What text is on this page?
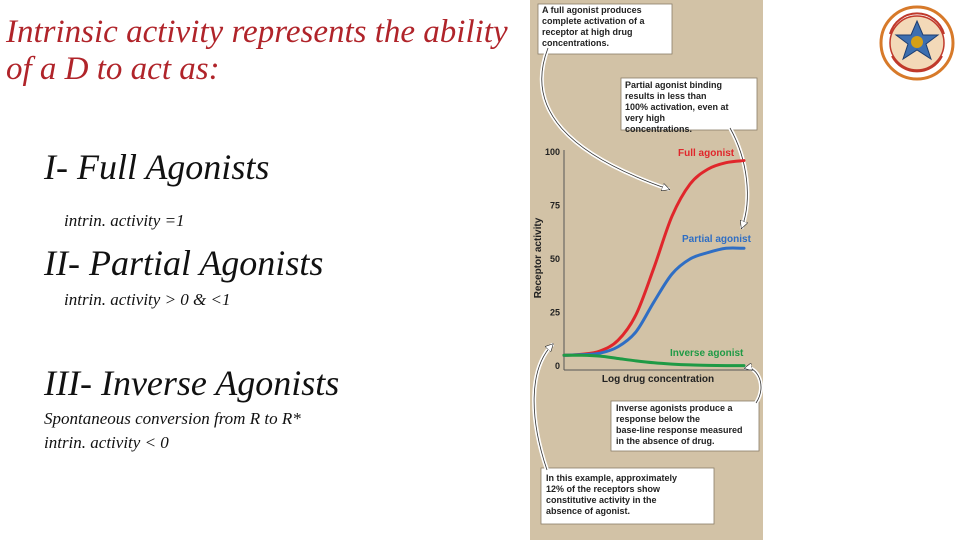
Intrinsic activity represents the ability of a D to act as:
I- Full Agonists
intrin. activity =1
II- Partial Agonists
intrin. activity > 0 & <1
III- Inverse Agonists
Spontaneous conversion from R to R*
intrin. activity < 0
A full agonist produces complete activation of a receptor at high drug concentrations.
Partial agonist binding results in less than 100% activation, even at very high concentrations.
Inverse agonists produce a response below the base-line response measured in the absence of drug.
In this example, approximately 12% of the receptors show constitutive activity in the absence of agonist.
0
25
50
75
100
Receptor activity
Log drug concentration
Full agonist
Partial agonist
Inverse agonist
